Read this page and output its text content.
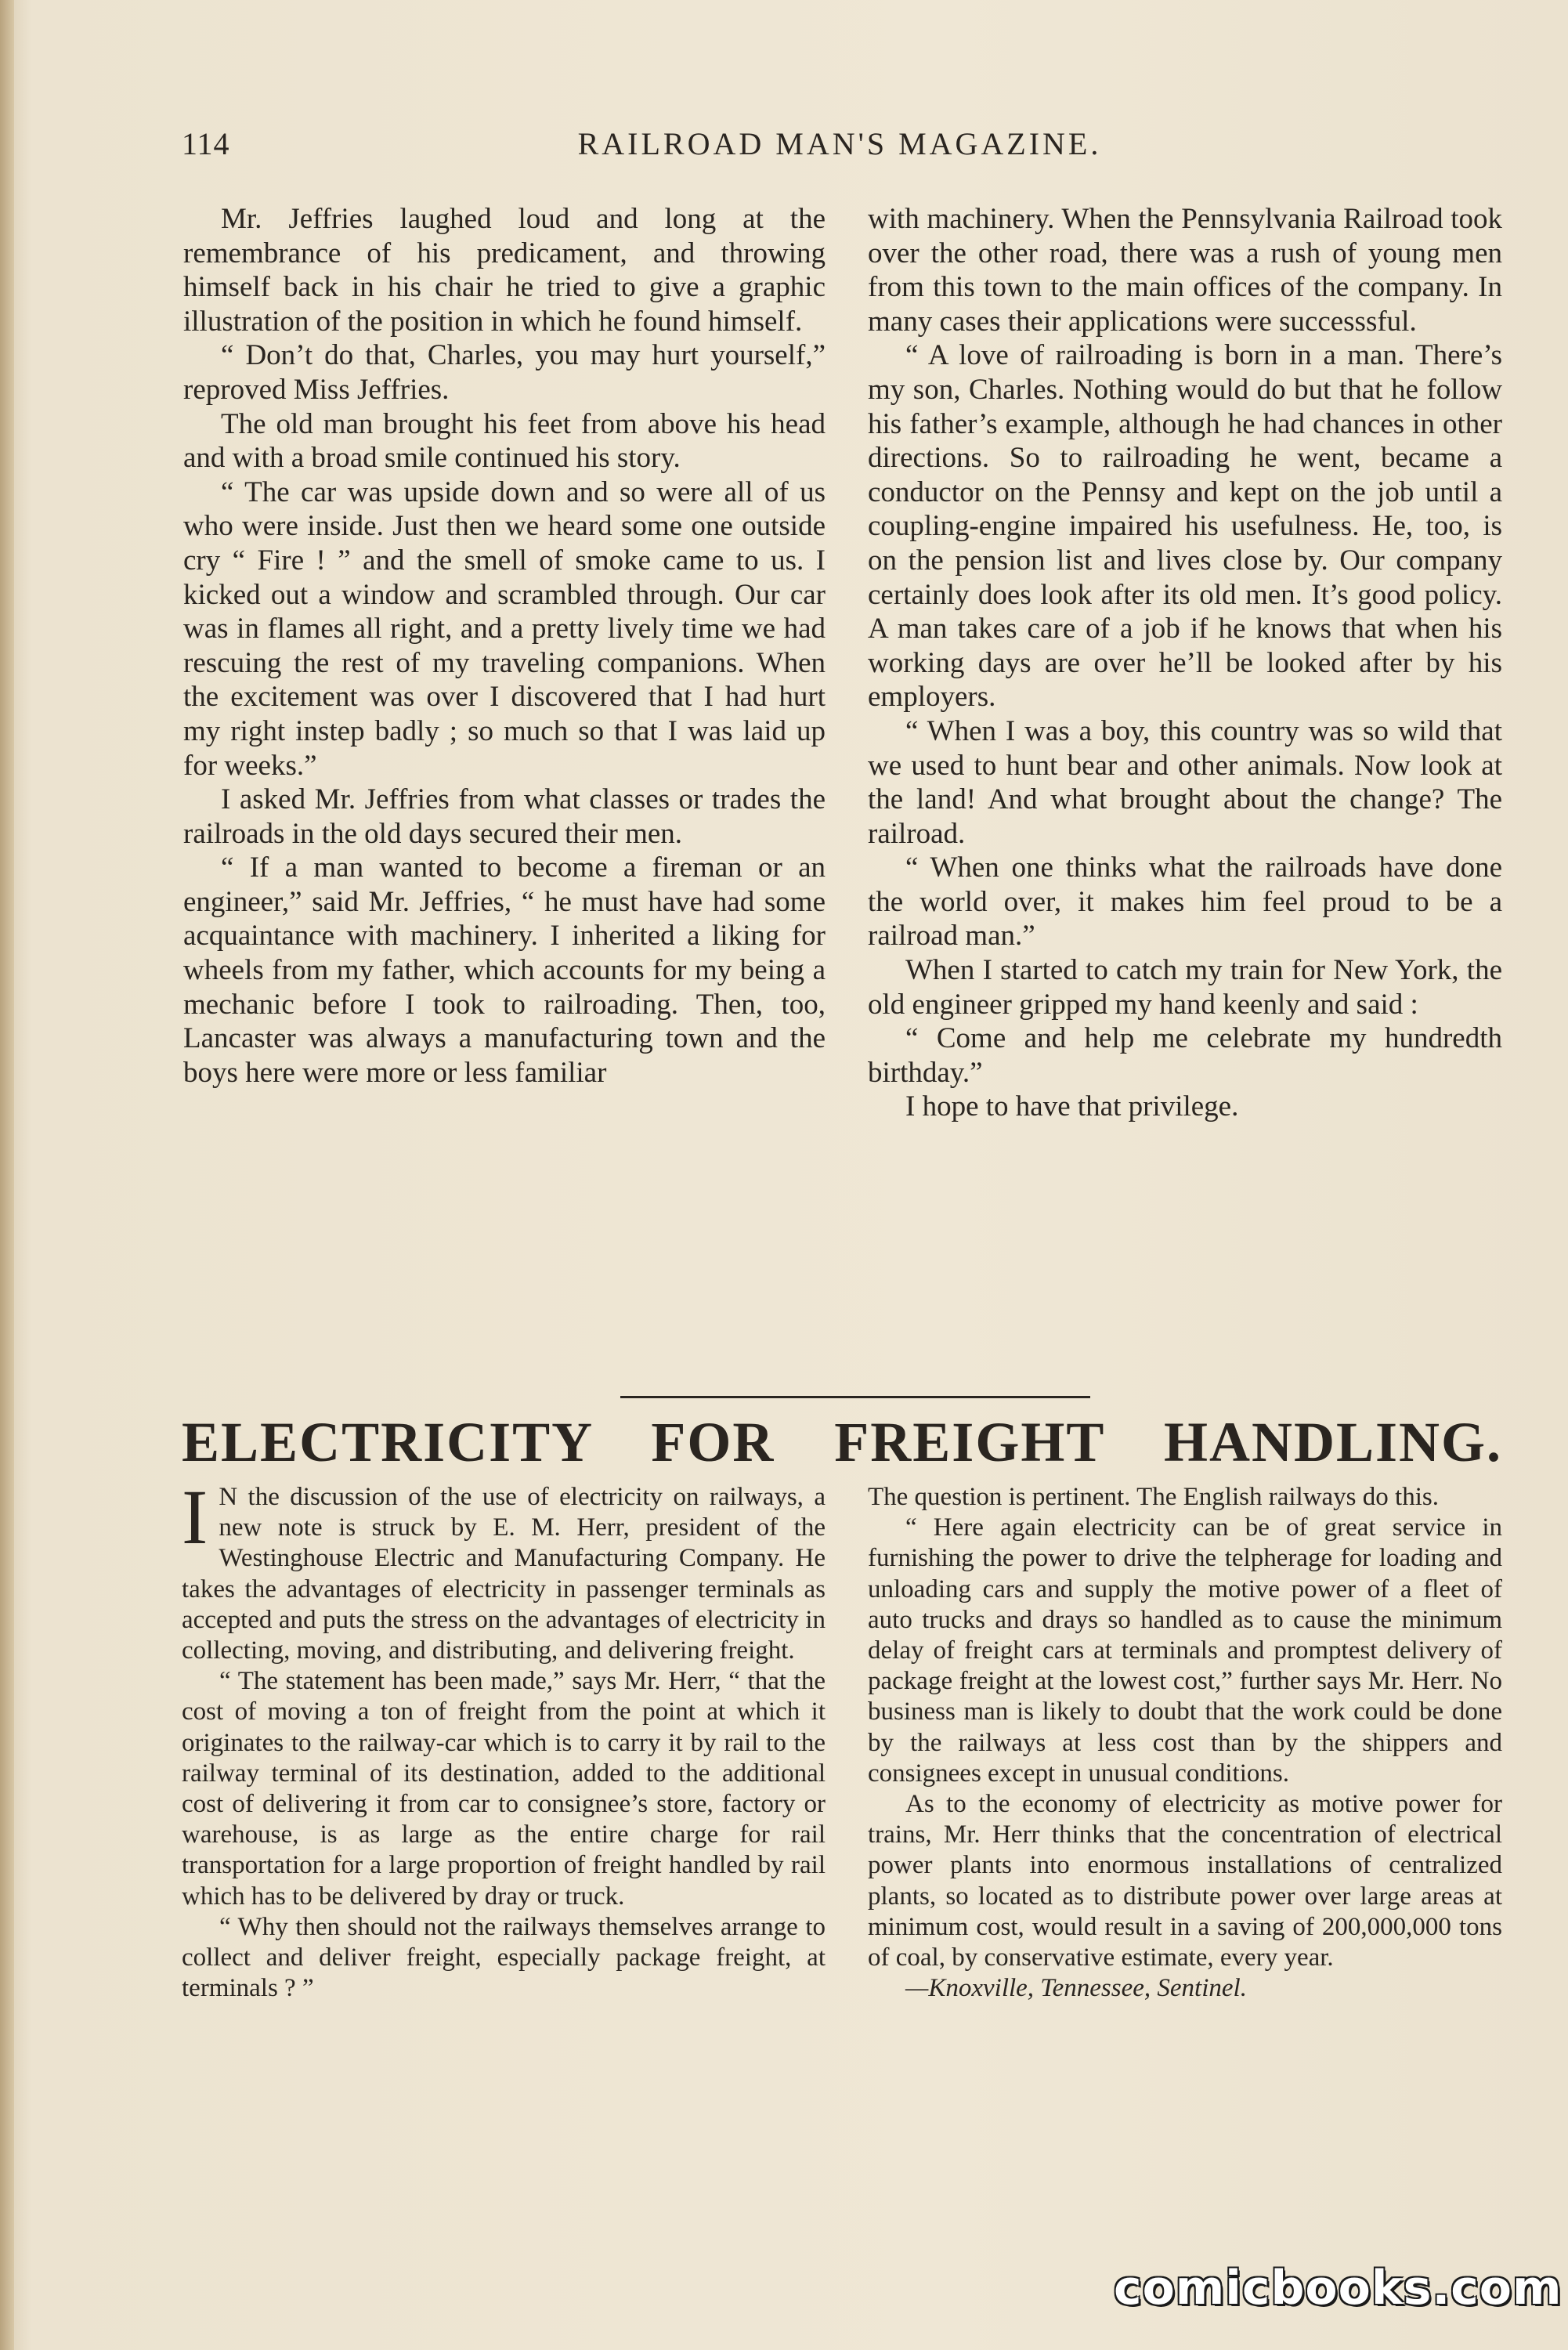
114	RAILROAD MAN'S MAGAZINE.

Mr. Jeffries laughed loud and long at the remembrance of his predicament, and throwing himself back in his chair he tried to give a graphic illustration of the position in which he found himself.

“ Don’t do that, Charles, you may hurt yourself,” reproved Miss Jeffries.

The old man brought his feet from above his head and with a broad smile continued his story.

“ The car was upside down and so were all of us who were inside. Just then we heard some one outside cry “ Fire ! ” and the smell of smoke came to us. I kicked out a window and scrambled through. Our car was in flames all right, and a pretty lively time we had rescuing the rest of my traveling companions. When the excitement was over I discovered that I had hurt my right instep badly ; so much so that I was laid up for weeks.”

I asked Mr. Jeffries from what classes or trades the railroads in the old days secured their men.

“ If a man wanted to become a fireman or an engineer,” said Mr. Jeffries, “ he must have had some acquaintance with machinery. I inherited a liking for wheels from my father, which accounts for my being a mechanic before I took to railroading. Then, too, Lancaster was always a manufacturing town and the boys here were more or less familiar

with machinery. When the Pennsylvania Railroad took over the other road, there was a rush of young men from this town to the main offices of the company. In many cases their applications were successsful.

“ A love of railroading is born in a man. There’s my son, Charles. Nothing would do but that he follow his father’s example, although he had chances in other directions. So to railroading he went, became a conductor on the Pennsy and kept on the job until a coupling-engine impaired his usefulness. He, too, is on the pension list and lives close by. Our company certainly does look after its old men. It’s good policy. A man takes care of a job if he knows that when his working days are over he’ll be looked after by his employers.

“ When I was a boy, this country was so wild that we used to hunt bear and other animals. Now look at the land! And what brought about the change? The railroad.

“ When one thinks what the railroads have done the world over, it makes him feel proud to be a railroad man.”

When I started to catch my train for New York, the old engineer gripped my hand keenly and said :

“ Come and help me celebrate my hundredth birthday.”

I hope to have that privilege.

ELECTRICITY FOR FREIGHT HANDLING.

I N the discussion of the use of electricity on railways, a new note is struck by E. M. Herr, president of the Westinghouse Electric and Manufacturing Company. He takes the advantages of electricity in passenger terminals as accepted and puts the stress on the advantages of electricity in collecting, moving, and distributing, and delivering freight.

“ The statement has been made,” says Mr. Herr, “ that the cost of moving a ton of freight from the point at which it originates to the railway-car which is to carry it by rail to the railway terminal of its destination, added to the additional cost of delivering it from car to consignee’s store, factory or warehouse, is as large as the entire charge for rail transportation for a large proportion of freight handled by rail which has to be delivered by dray or truck.

“ Why then should not the railways themselves arrange to collect and deliver freight, especially package freight, at terminals ? ”

The question is pertinent. The English railways do this.

“ Here again electricity can be of great service in furnishing the power to drive the telpherage for loading and unloading cars and supply the motive power of a fleet of auto trucks and drays so handled as to cause the minimum delay of freight cars at terminals and promptest delivery of package freight at the lowest cost,” further says Mr. Herr. No business man is likely to doubt that the work could be done by the railways at less cost than by the shippers and consignees except in unusual conditions.

As to the economy of electricity as motive power for trains, Mr. Herr thinks that the concentration of electrical power plants into enormous installations of centralized plants, so located as to distribute power over large areas at minimum cost, would result in a saving of 200,000,000 tons of coal, by conservative estimate, every year.

—Knoxville, Tennessee, Sentinel.

comicbooks.com
